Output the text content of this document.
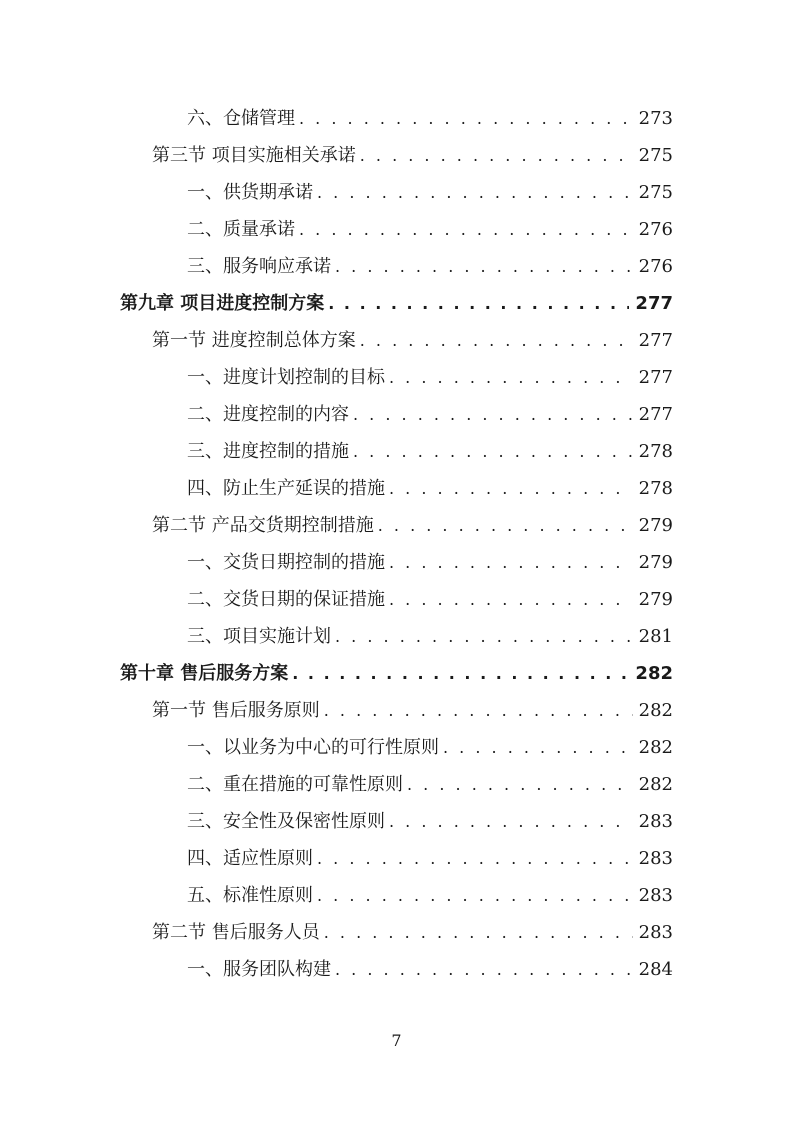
六、仓储管理 . . .	273
第三节 项目实施相关承诺 . . .	275
一、供货期承诺 . . .	275
二、质量承诺 . . .	276
三、服务响应承诺 . . .	276
第九章 项目进度控制方案 . . .	277
第一节 进度控制总体方案 . . .	277
一、进度计划控制的目标 . . .	277
二、进度控制的内容 . . .	277
三、进度控制的措施 . . .	278
四、防止生产延误的措施 . . .	278
第二节 产品交货期控制措施 . . .	279
一、交货日期控制的措施 . . .	279
二、交货日期的保证措施 . . .	279
三、项目实施计划 . . .	281
第十章 售后服务方案 . . .	282
第一节 售后服务原则 . . .	282
一、以业务为中心的可行性原则 . . .	282
二、重在措施的可靠性原则 . . .	282
三、安全性及保密性原则 . . .	283
四、适应性原则 . . .	283
五、标准性原则 . . .	283
第二节 售后服务人员 . . .	283
一、服务团队构建 . . .	284
7
